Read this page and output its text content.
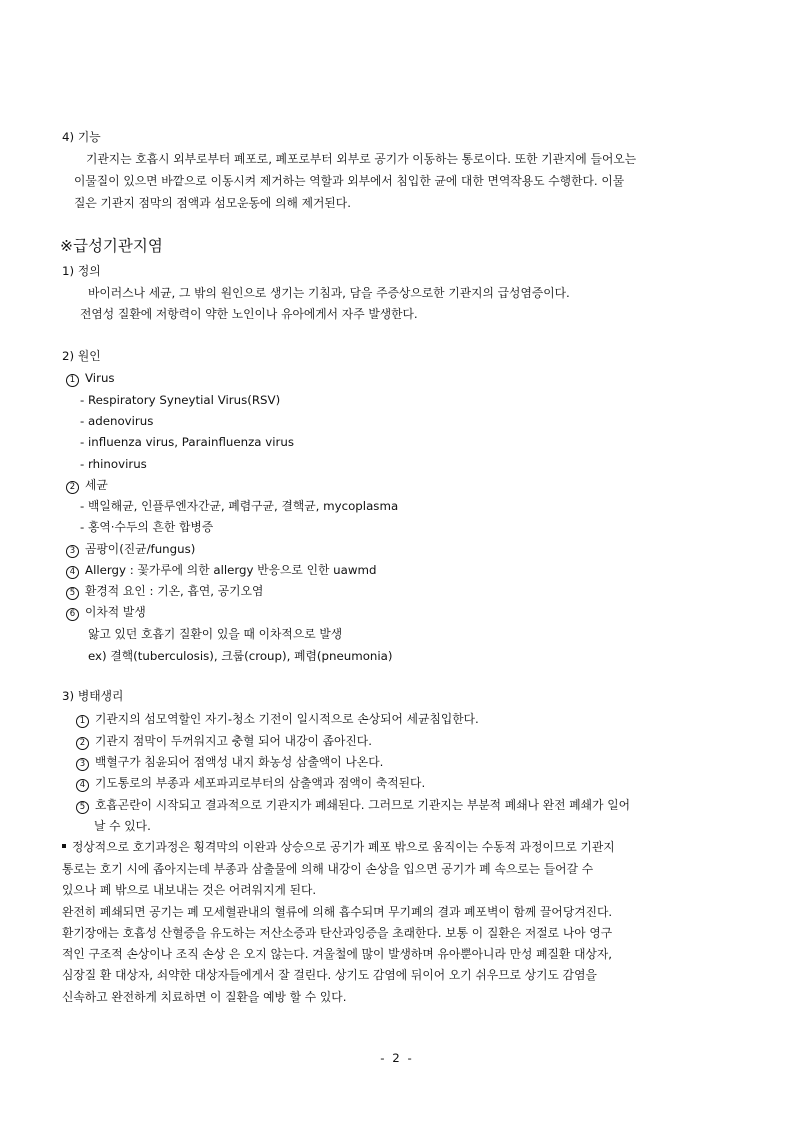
4) 기능
기관지는 호흡시 외부로부터 폐포로, 폐포로부터 외부로 공기가 이동하는 통로이다. 또한 기관지에 들어오는
이물질이 있으면 바깥으로 이동시켜 제거하는 역할과 외부에서 침입한 균에 대한 면역작용도 수행한다. 이물
질은 기관지 점막의 점액과 섬모운동에 의해 제거된다.
※급성기관지염
1) 정의
바이러스나 세균, 그 밖의 원인으로 생기는 기침과, 담을 주증상으로한 기관지의 급성염증이다.
전염성 질환에 저항력이 약한 노인이나 유아에게서 자주 발생한다.
2) 원인
1 Virus
- Respiratory Syneytial Virus(RSV)
- adenovirus
- influenza virus, Parainfluenza virus
- rhinovirus
2 세균
- 백일해균, 인플루엔자간균, 폐렴구균, 결핵균, mycoplasma
- 홍역·수두의 흔한 합병증
3 곰팡이(진균/fungus)
4 Allergy : 꽃가루에 의한 allergy 반응으로 인한 uawmd
5 환경적 요인 : 기온, 흡연, 공기오염
6 이차적 발생
앓고 있던 호흡기 질환이 있을 때 이차적으로 발생
ex) 결핵(tuberculosis), 크룹(croup), 폐렴(pneumonia)
3) 병태생리
1 기관지의 섬모역할인 자기-청소 기전이 일시적으로 손상되어 세균침입한다.
2 기관지 점막이 두꺼워지고 충혈 되어 내강이 좁아진다.
3 백혈구가 침윤되어 점액성 내지 화농성 삼출액이 나온다.
4 기도통로의 부종과 세포파괴로부터의 삼출액과 점액이 축적된다.
5 호흡곤란이 시작되고 결과적으로 기관지가 폐쇄된다. 그러므로 기관지는 부분적 폐쇄나 완전 폐쇄가 일어
날 수 있다.
정상적으로 호기과정은 횡격막의 이완과 상승으로 공기가 폐포 밖으로 움직이는 수동적 과정이므로 기관지
통로는 호기 시에 좁아지는데 부종과 삼출물에 의해 내강이 손상을 입으면 공기가 폐 속으로는 들어갈 수
있으나 폐 밖으로 내보내는 것은 어려워지게 된다.
완전히 폐쇄되면 공기는 폐 모세혈관내의 혈류에 의해 흡수되며 무기폐의 결과 폐포벽이 함께 끌어당겨진다.
환기장애는 호흡성 산혈증을 유도하는 저산소증과 탄산과잉증을 초래한다. 보통 이 질환은 저절로 나아 영구
적인 구조적 손상이나 조직 손상 은 오지 않는다. 겨울철에 많이 발생하며 유아뿐아니라 만성 폐질환 대상자,
심장질 환 대상자, 쇠약한 대상자들에게서 잘 걸린다. 상기도 감염에 뒤이어 오기 쉬우므로 상기도 감염을
신속하고 완전하게 치료하면 이 질환을 예방 할 수 있다.
- 2 -
